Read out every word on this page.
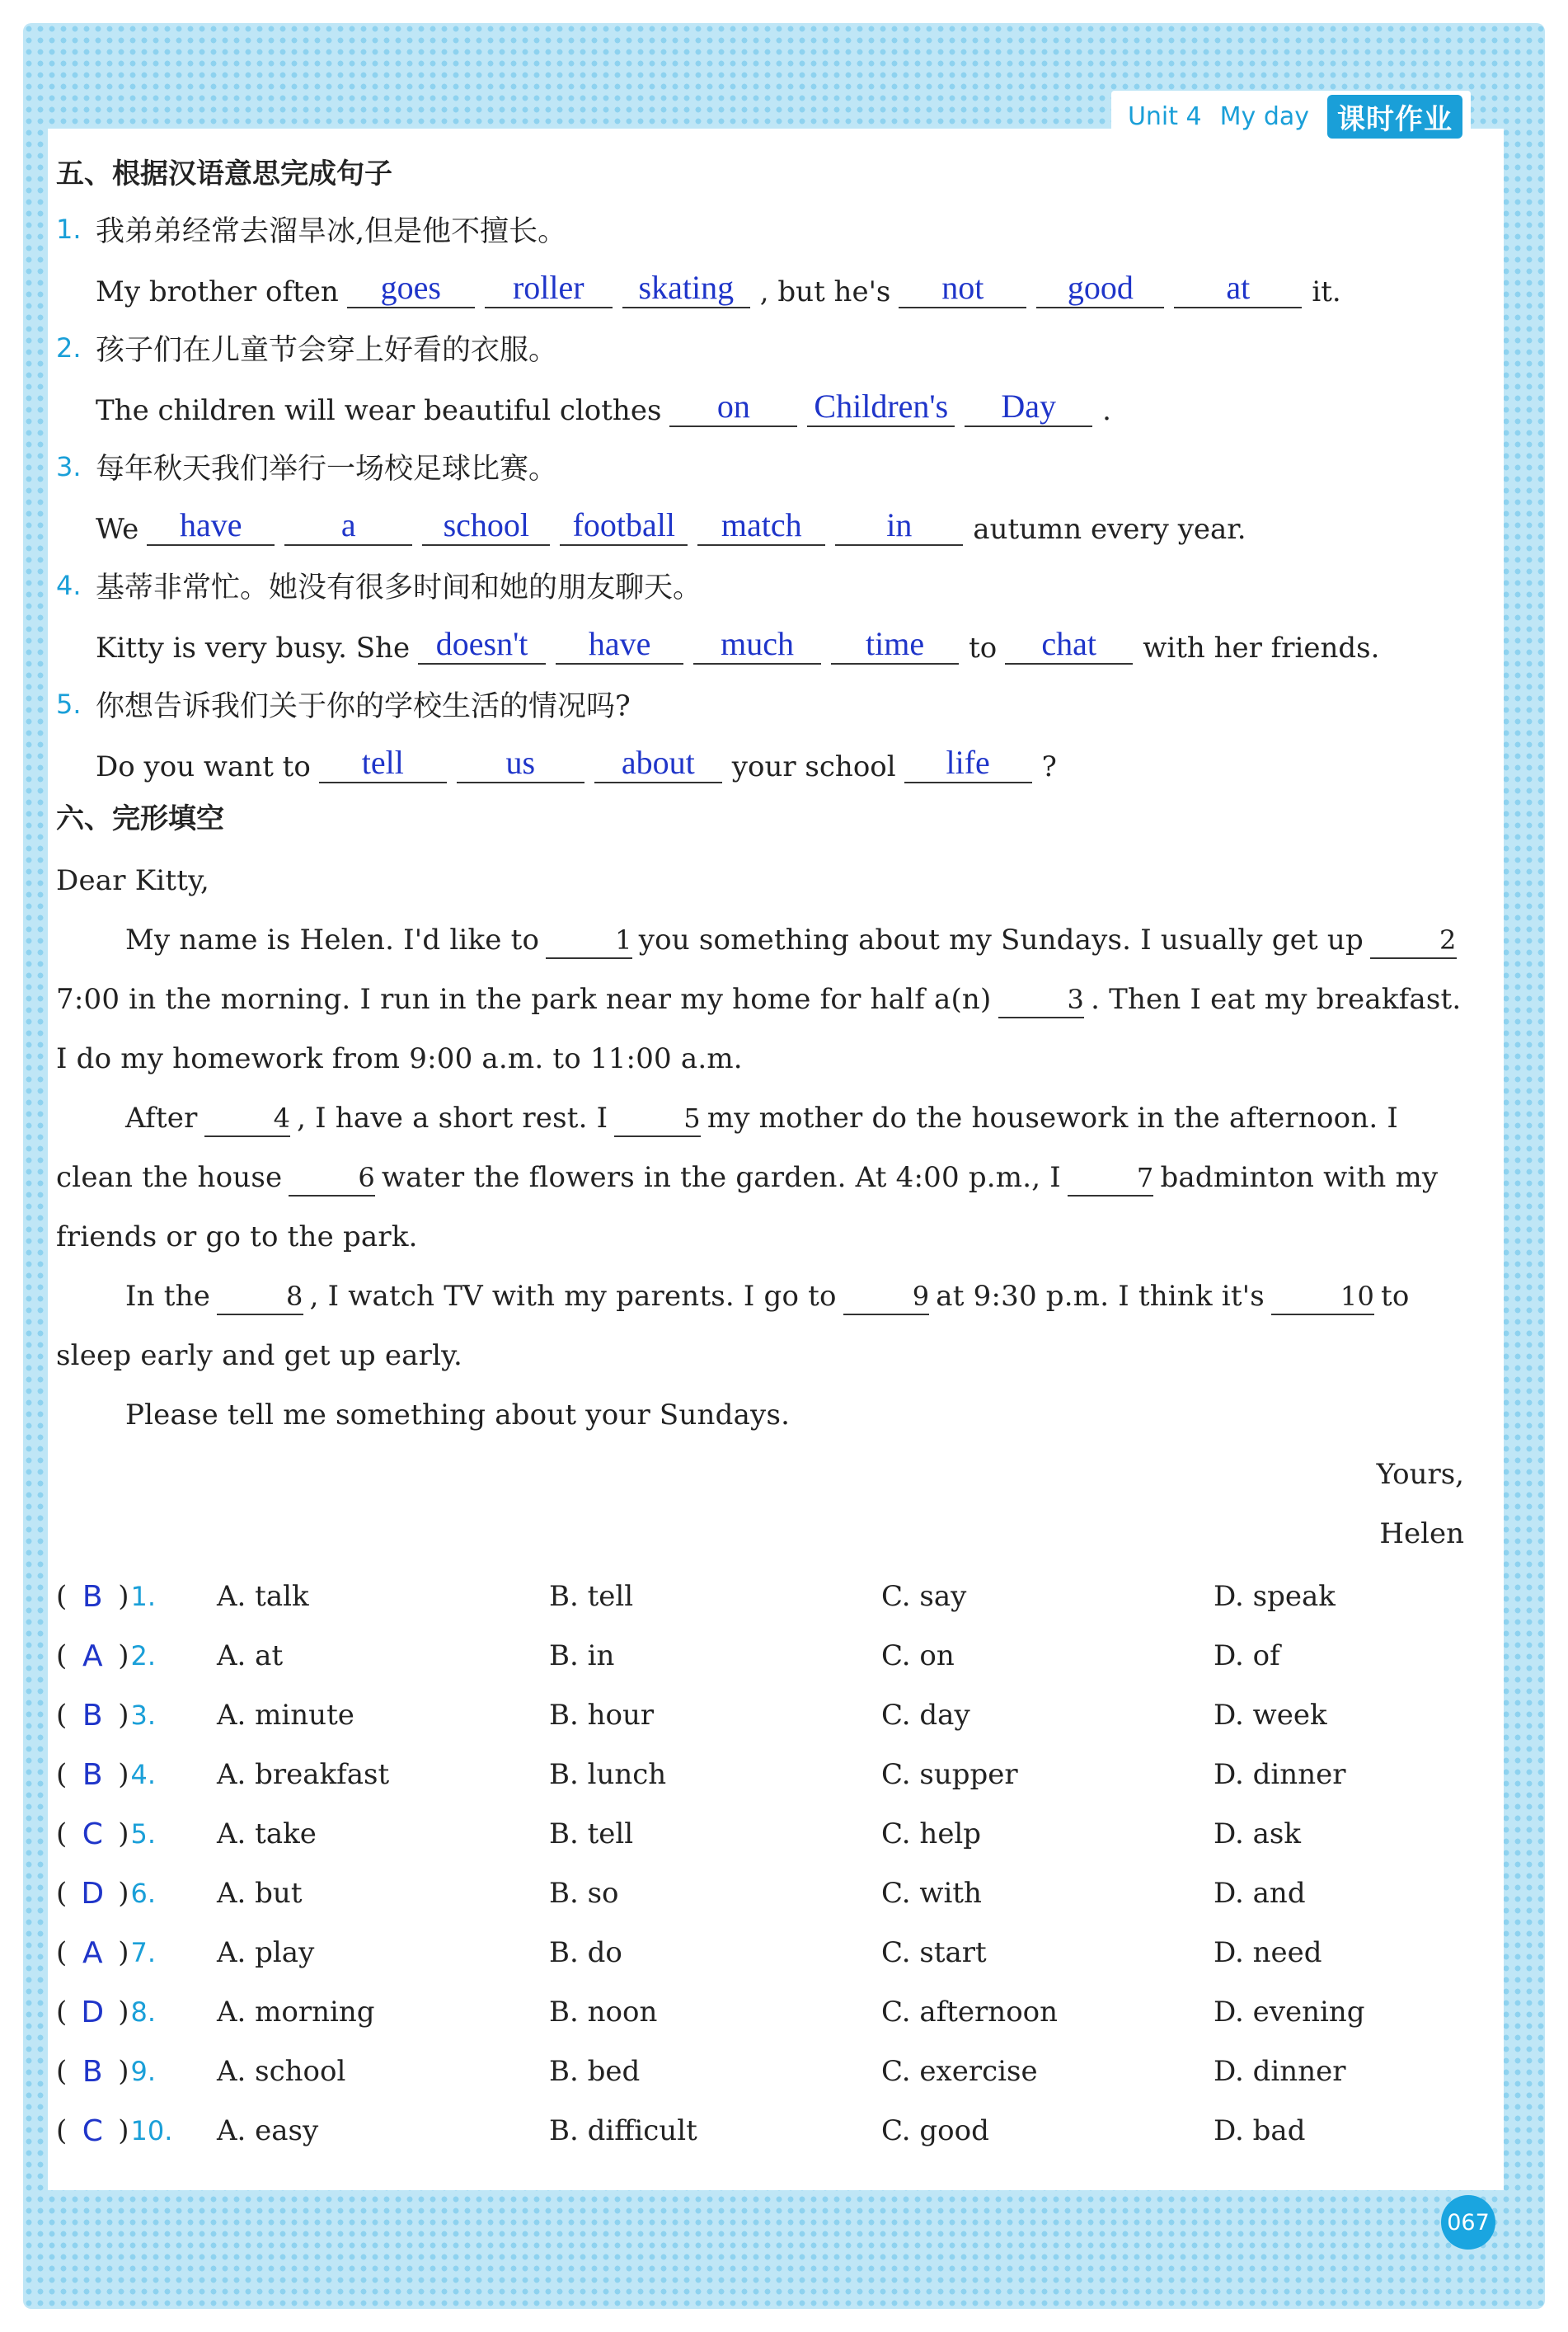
Unit 4 My day	课时作业
五、根据汉语意思完成句子
1. 我弟弟经常去溜旱冰,但是他不擅长。
My brother often	goes	roller	skating , but he's	not	good	at	it.
2. 孩子们在儿童节会穿上好看的衣服。
The children will wear beautiful clothes	on	Children's	Day	.
3. 每年秋天我们举行一场校足球比赛。
We	have	a	school	football	match	in	autumn every year.
4. 基蒂非常忙。她没有很多时间和她的朋友聊天。
Kitty is very busy. She doesn't	have	much	time	to	chat	with her friends.
5. 你想告诉我们关于你的学校生活的情况吗?
Do you want to	tell	us	about	your school	life	?
六、完形填空
Dear Kitty,
My name is Helen. I'd like to	1 you something about my Sundays. I usually get up	27:00 in the morning. I run in the park near my home for half a(n)	3 . Then I eat my breakfast. I do my homework from 9:00 a.m. to 11:00 a.m.
After	4 , I have a short rest. I	5 my mother do the housework in the afternoon. I clean the house	6 water the flowers in the garden. At 4:00 p.m., I	7 badminton with my friends or go to the park.
In the	8 , I watch TV with my parents. I go to	9 at 9:30 p.m. I think it's	10 to sleep early and get up early.
Please tell me something about your Sundays.
Yours,
Helen
( B ) 1. A. talk	B. tell	C. say	D. speak
( A ) 2. A. at	B. in	C. on	D. of
( B ) 3. A. minute	B. hour	C. day	D. week
( B ) 4. A. breakfast	B. lunch	C. supper	D. dinner
( C ) 5. A. take	B. tell	C. help	D. ask
( D ) 6. A. but	B. so	C. with	D. and
( A ) 7. A. play	B. do	C. start	D. need
( D ) 8. A. morning	B. noon	C. afternoon	D. evening
( B ) 9. A. school	B. bed	C. exercise	D. dinner
( C ) 10. A. easy	B. difficult	C. good	D. bad
067
